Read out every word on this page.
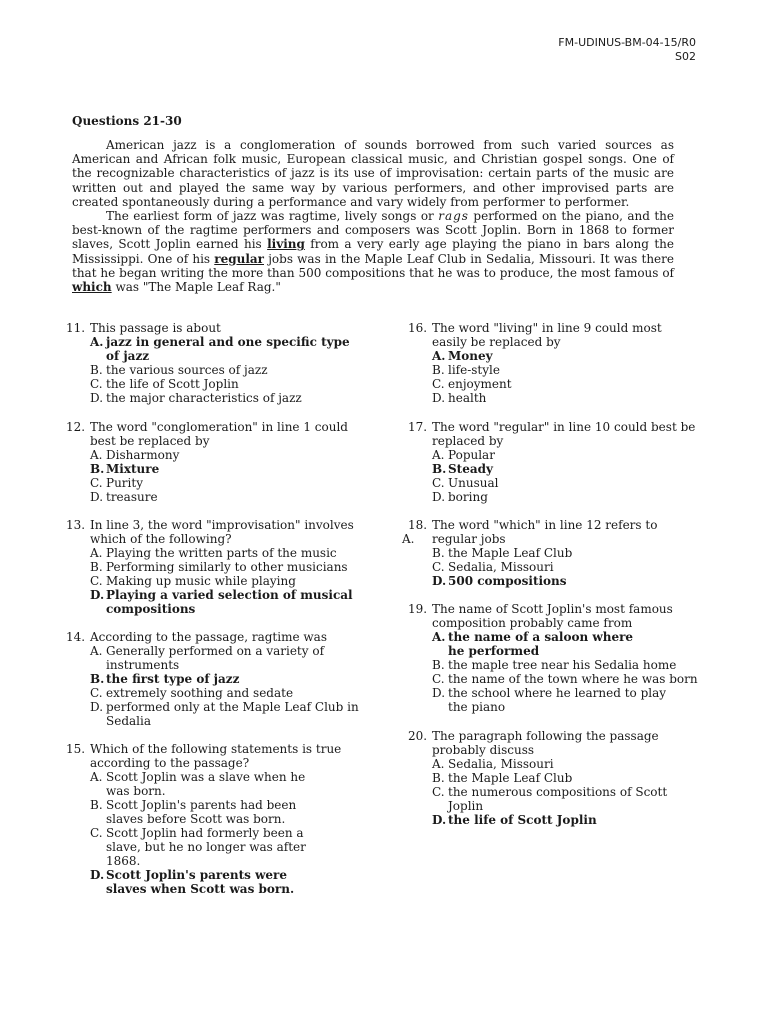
FM-UDINUS-BM-04-15/R0
S02
Questions 21-30

American jazz is a conglomeration of sounds borrowed from such varied sources as American and African folk music, European classical music, and Christian gospel songs. One of the recognizable characteristics of jazz is its use of improvisation: certain parts of the music are written out and played the same way by various performers, and other improvised parts are created spontaneously during a performance and vary widely from performer to performer.

The earliest form of jazz was ragtime, lively songs or rags performed on the piano, and the best-known of the ragtime performers and composers was Scott Joplin. Born in 1868 to former slaves, Scott Joplin earned his living from a very early age playing the piano in bars along the Mississippi. One of his regular jobs was in the Maple Leaf Club in Sedalia, Missouri. It was there that he began writing the more than 500 compositions that he was to produce, the most famous of which was "The Maple Leaf Rag."

11. This passage is about
A. jazz in general and one specific type of jazz
B. the various sources of jazz
C. the life of Scott Joplin
D. the major characteristics of jazz
12. The word "conglomeration" in line 1 could best be replaced by
A. Disharmony
B. Mixture
C. Purity
D. treasure
13. In line 3, the word "improvisation" involves which of the following?
A. Playing the written parts of the music
B. Performing similarly to other musicians
C. Making up music while playing
D. Playing a varied selection of musical compositions
14. According to the passage, ragtime was
A. Generally performed on a variety of instruments
B. the first type of jazz
C. extremely soothing and sedate
D. performed only at the Maple Leaf Club in Sedalia
15. Which of the following statements is true according to the passage?
A. Scott Joplin was a slave when he was born.
B. Scott Joplin's parents had been slaves before Scott was born.
C. Scott Joplin had formerly been a slave, but he no longer was after 1868.
D. Scott Joplin's parents were slaves when Scott was born.
16. The word "living" in line 9 could most easily be replaced by
A. Money
B. life-style
C. enjoyment
D. health
17. The word "regular" in line 10 could best be replaced by
A. Popular
B. Steady
C. Unusual
D. boring
18. The word "which" in line 12 refers to
A. regular jobs
B. the Maple Leaf Club
C. Sedalia, Missouri
D. 500 compositions
19. The name of Scott Joplin's most famous composition probably came from
A. the name of a saloon where he performed
B. the maple tree near his Sedalia home
C. the name of the town where he was born
D. the school where he learned to play the piano
20. The paragraph following the passage probably discuss
A. Sedalia, Missouri
B. the Maple Leaf Club
C. the numerous compositions of Scott Joplin
D. the life of Scott Joplin
